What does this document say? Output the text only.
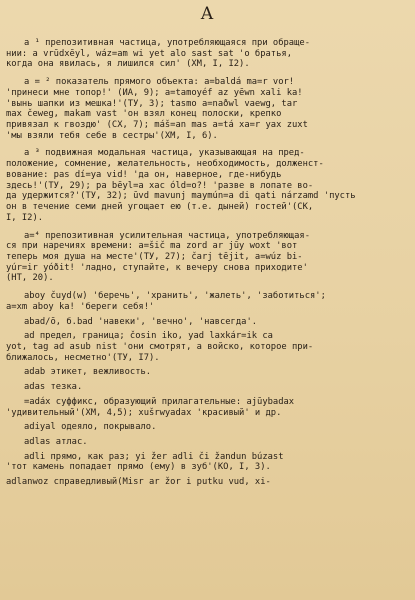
A
а ¹ препозитивная частица, употребляющаяся при обраще-
нии: a vrūdxēyl, wáz=am wi yet alo sast sat 'о братья,
когда она явилась, я лишился сил' (ХМ, I, I2).
а = ² показатель прямого объекта: a=baldá ma=r vor!
'принеси мне топор!' (ИА, 9); a=tamoyéf az yēwn xali ka!
'вынь шапки из мешка!'(ТУ, 3); tasmo a=naðwl vaewg, tar
max čeweg, makam vast 'он взял конец полоски, крепко
привязал к гвоздю' (СХ, 7); máš=an mas a=tá xa=r yax zuxt
'мы взяли тебя себе в сестры'(ХМ, I, 6).
а ³ подвижная модальная частица, указывающая на пред-
положение, сомнение, желательность, необходимость, долженст-
вование: pas dí=ya vid! 'да он, наверное, где-нибудь
здесь!'(ТУ, 29); pa bēyl=a xac óld=o?! 'разве в лопате во-
да удержится?'(ТУ, 32); ūvd mavunj maymún=a di qati nárzamd 'пусть
он в течение семи дней угощает ею (т.е. дыней) гостей'(СК,
I, I2).
а=⁴ препозитивная усилительная частица, употребляющая-
ся при наречиях времени: a=šič ma zord ar jūy woxt 'вот
теперь моя душа на месте'(ТУ, 27); čarj tējit, a=wúz bi-
yúr=ir yóðit! 'ладно, ступайте, к вечеру снова приходите'
(НТ, 20).
aboy čuyd(w) 'беречь', 'хранить', 'жалеть', 'заботиться';
a=xm aboy ka! 'береги себя!'
abad/ō, б.bad 'навеки', 'вечно', 'навсегда'.
ad предел, граница; čosin iko, yad laxkár=ik ca
yot, tag ad asub nist 'они смотрят, а войско, которое при-
ближалось, несметно'(ТУ, I7).
adab этикет, вежливость.
adas тезка.
=adáx суффикс, образующий прилагательные: ajūybadax
'удивительный'(ХМ, 4,5); xušrwyadax 'красивый' и др.
adiyal одеяло, покрывало.
adlas атлас.
adli прямо, как раз; yi žer adli či žandun búzast
'тот камень попадает прямо (ему) в зуб'(КО, I, 3).
adlanwoz справедливый(Misr ar žor i putku vud, xi-
